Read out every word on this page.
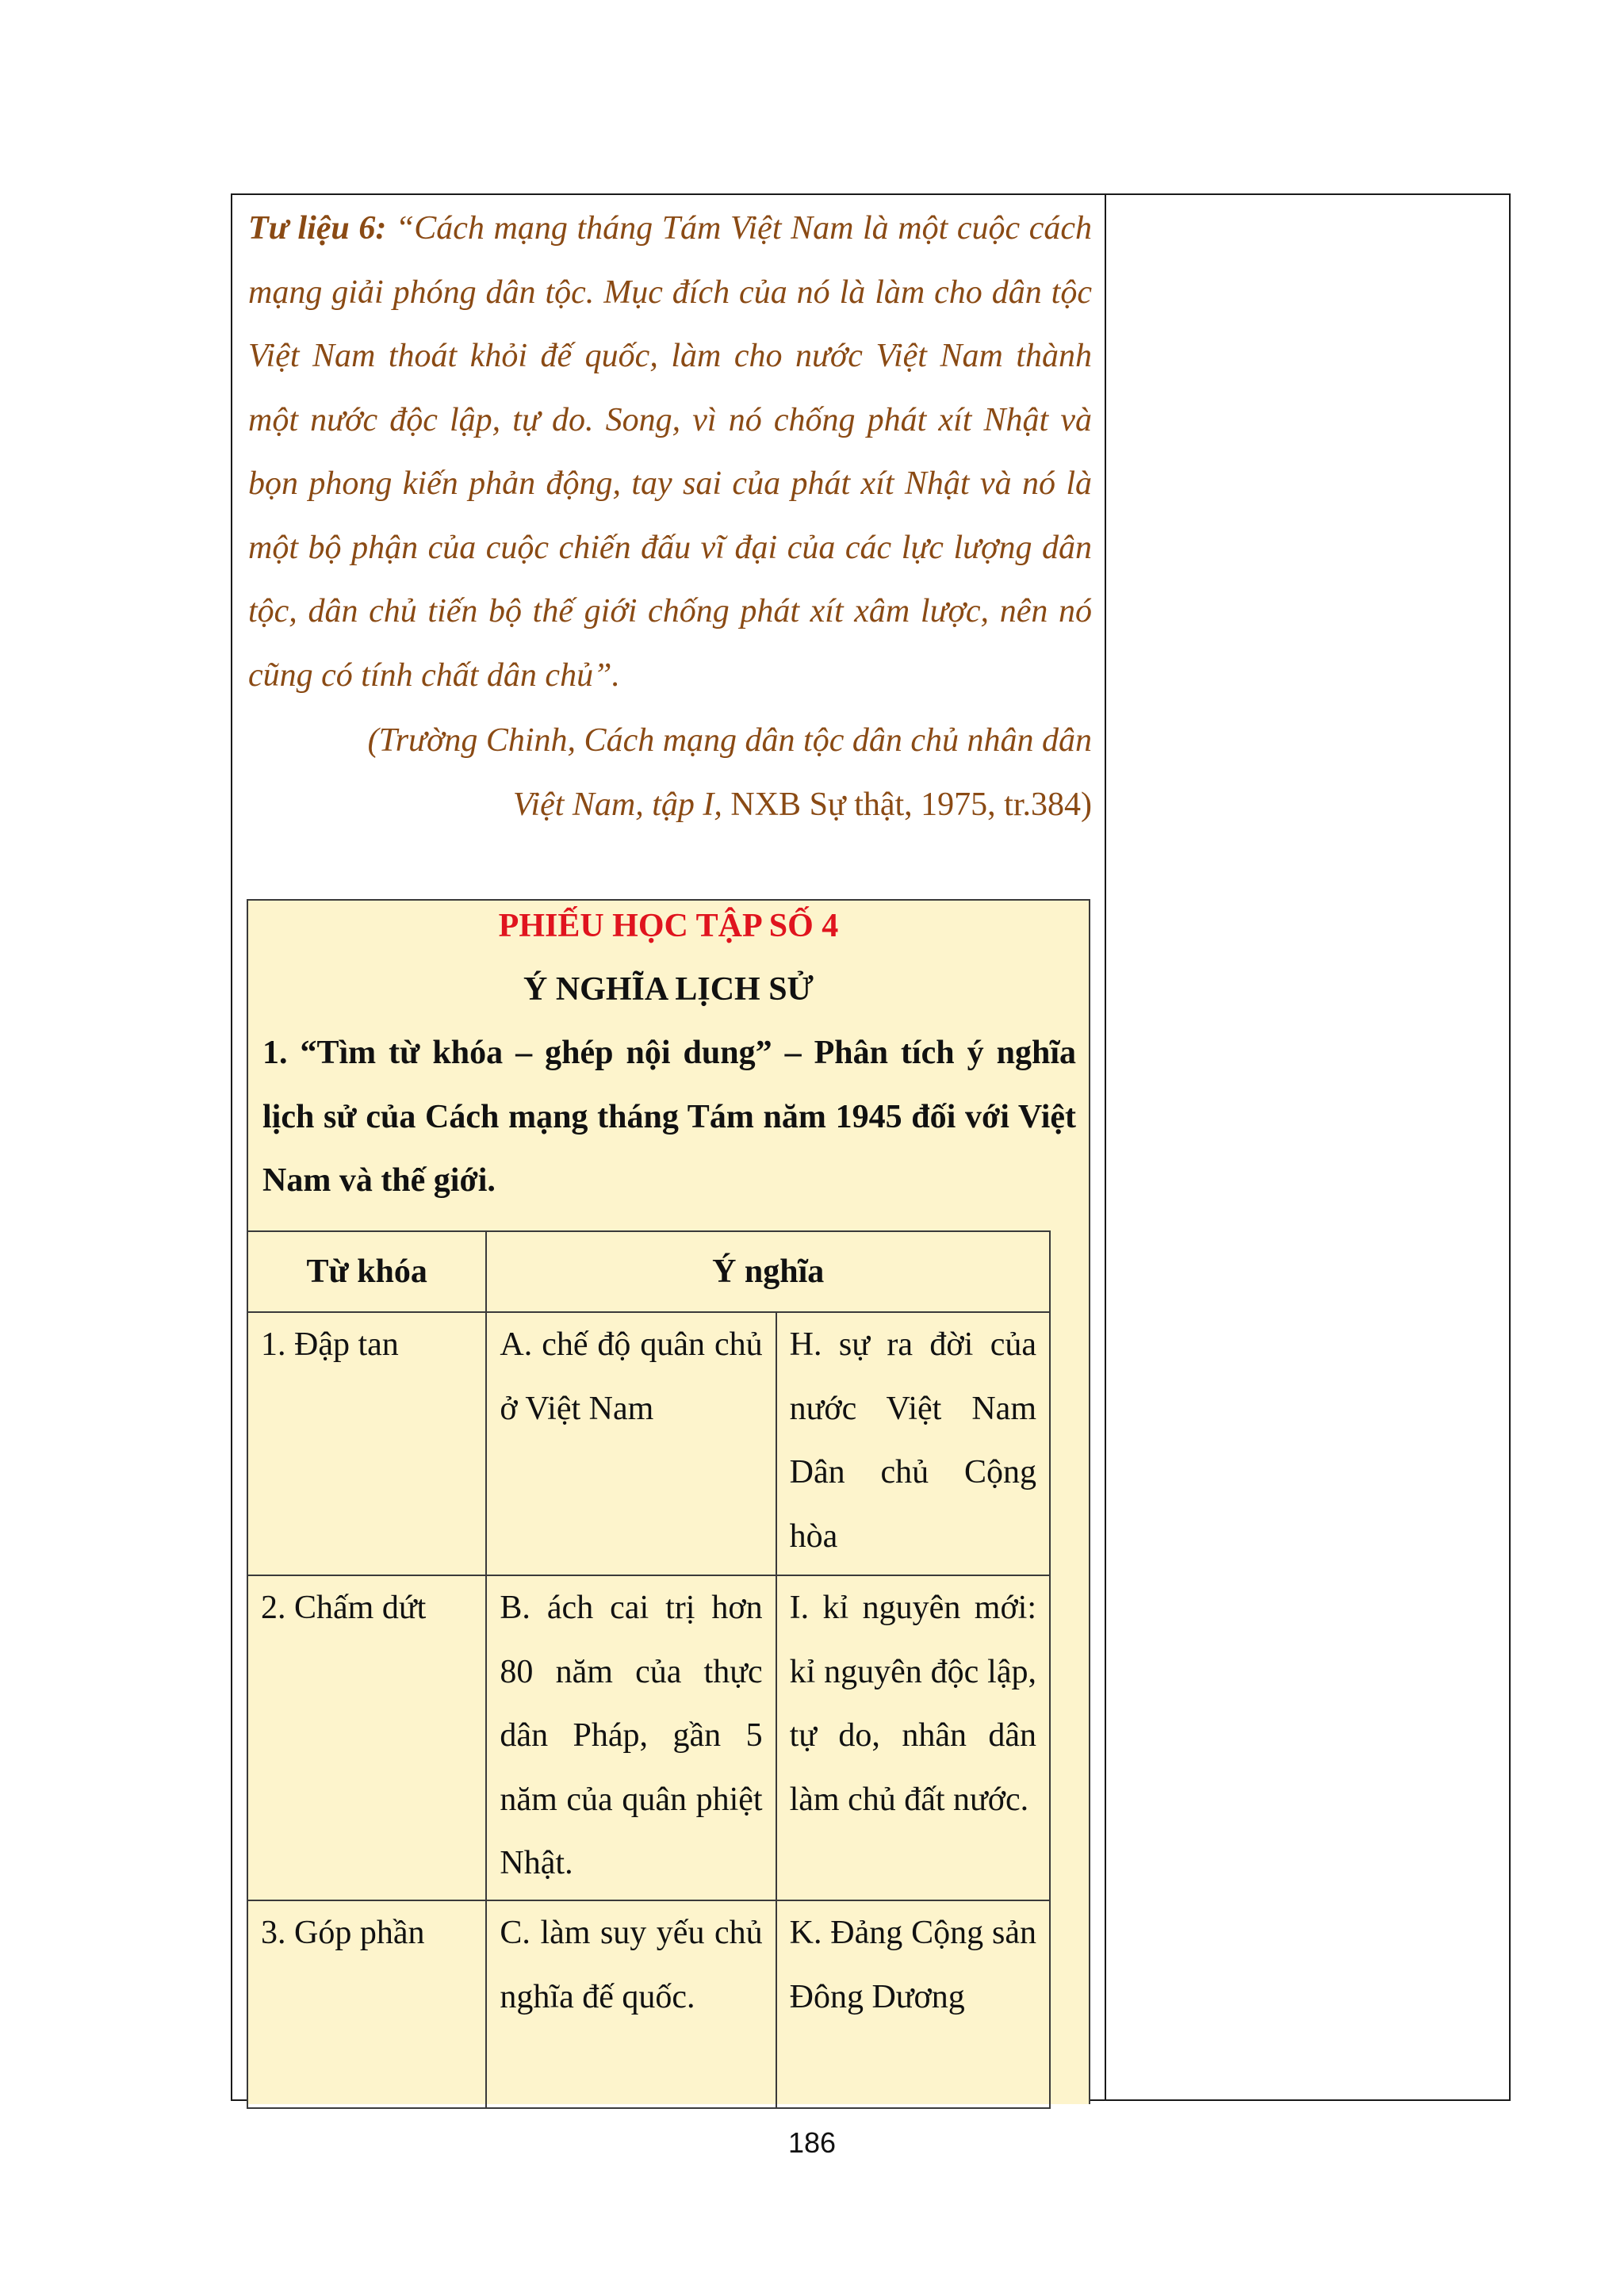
Tư liệu 6: “Cách mạng tháng Tám Việt Nam là một cuộc cách mạng giải phóng dân tộc. Mục đích của nó là làm cho dân tộc Việt Nam thoát khỏi đế quốc, làm cho nước Việt Nam thành một nước độc lập, tự do. Song, vì nó chống phát xít Nhật và bọn phong kiến phản động, tay sai của phát xít Nhật và nó là một bộ phận của cuộc chiến đấu vĩ đại của các lực lượng dân tộc, dân chủ tiến bộ thế giới chống phát xít xâm lược, nên nó cũng có tính chất dân chủ”.

(Trường Chinh, Cách mạng dân tộc dân chủ nhân dân
Việt Nam, tập I, NXB Sự thật, 1975, tr.384)

PHIẾU HỌC TẬP SỐ 4

Ý NGHĨA LỊCH SỬ

1. “Tìm từ khóa – ghép nội dung” – Phân tích ý nghĩa lịch sử của Cách mạng tháng Tám năm 1945 đối với Việt Nam và thế giới.

Từ khóa	Ý nghĩa	
1. Đập tan	A. chế độ quân chủ ở Việt Nam	H. sự ra đời của nước Việt Nam Dân chủ Cộng hòa
2. Chấm dứt	B. ách cai trị hơn 80 năm của thực dân Pháp, gần 5 năm của quân phiệt Nhật.	I. kỉ nguyên mới: kỉ nguyên độc lập, tự do, nhân dân làm chủ đất nước.
3. Góp phần	C. làm suy yếu chủ nghĩa đế quốc.	K. Đảng Cộng sản Đông Dương
186
